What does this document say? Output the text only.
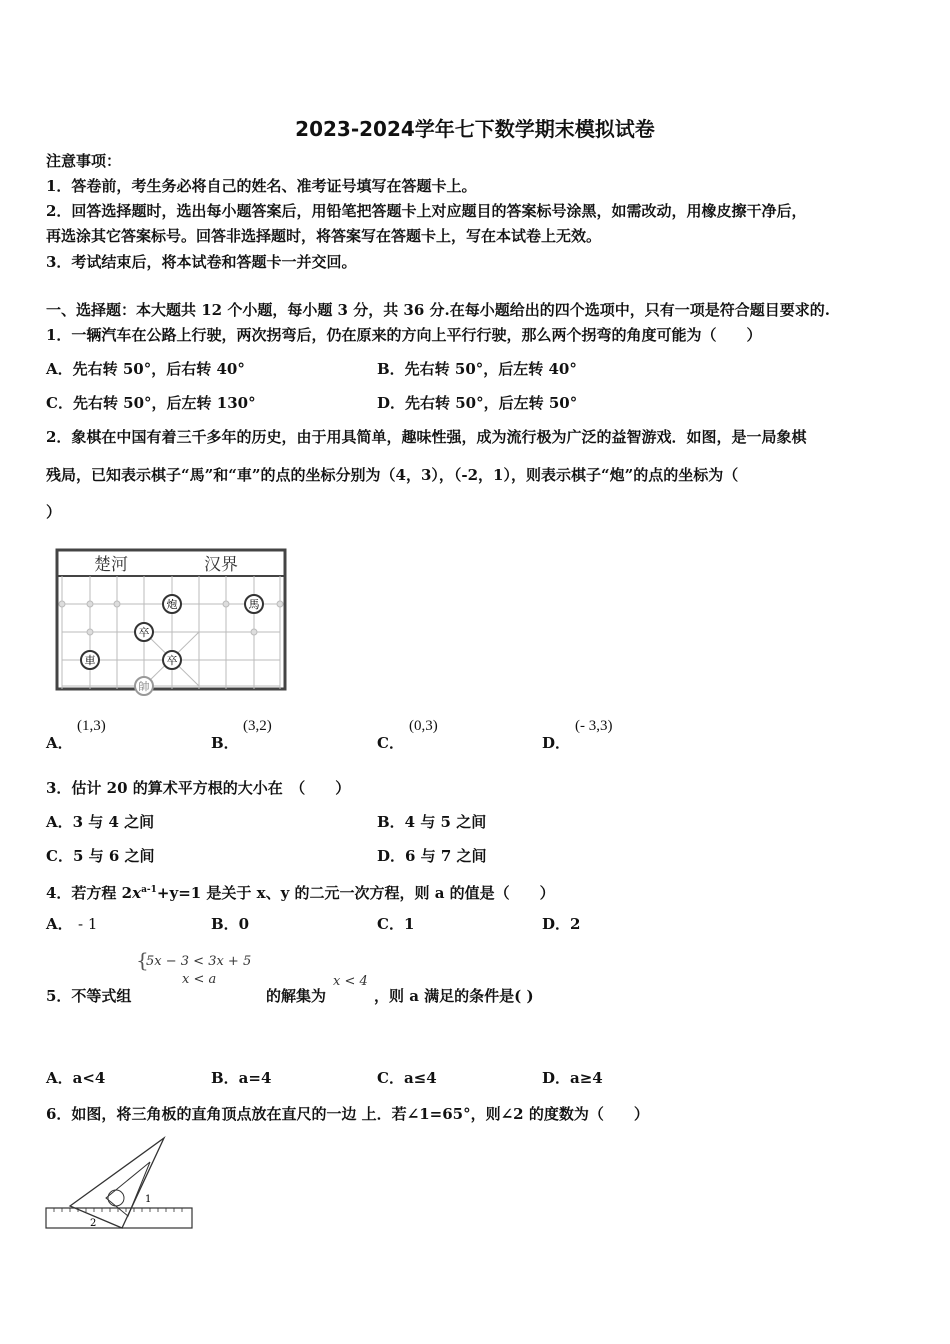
2023-2024学年七下数学期末模拟试卷
注意事项：
1．答卷前，考生务必将自己的姓名、准考证号填写在答题卡上。
2．回答选择题时，选出每小题答案后，用铅笔把答题卡上对应题目的答案标号涂黑，如需改动，用橡皮擦干净后，
再选涂其它答案标号。回答非选择题时，将答案写在答题卡上，写在本试卷上无效。
3．考试结束后，将本试卷和答题卡一并交回。
一、选择题：本大题共 12 个小题，每小题 3 分，共 36 分.在每小题给出的四个选项中，只有一项是符合题目要求的.
1．一辆汽车在公路上行驶，两次拐弯后，仍在原来的方向上平行行驶，那么两个拐弯的角度可能为（　　）
A．先右转 50°，后右转 40°	B．先右转 50°，后左转 40°
C．先右转 50°，后左转 130°	D．先右转 50°，后左转 50°
2．象棋在中国有着三千多年的历史，由于用具简单，趣味性强，成为流行极为广泛的益智游戏．如图，是一局象棋
残局，已知表示棋子“馬”和“車”的点的坐标分别为（4，3），（-2，1），则表示棋子“炮”的点的坐标为（
）
楚河	汉界
炮	馬
卒
車	卒
帥
A．
(1,3)
B．
(3,2)
C．
(0,3)
D．
(- 3,3)
3．估计 20 的算术平方根的大小在　（　　）
A．3 与 4 之间	B．4 与 5 之间
C．5 与 6 之间	D．6 与 7 之间
4．若方程 $2x^{a-1}+y=1$ 是关于 x、y 的二元一次方程，则 a 的值是（　　）
A． - 1	B．0	C．1	D．2
{
5x − 3 < 3x + 5
x < a
5．不等式组	的解集为
x < 4
，则 a 满足的条件是( )
A．a<4	B．a=4	C．a≤4	D．a≥4
6．如图，将三角板的直角顶点放在直尺的一边 上．若∠1=65°，则∠2 的度数为（　　）
1
2
